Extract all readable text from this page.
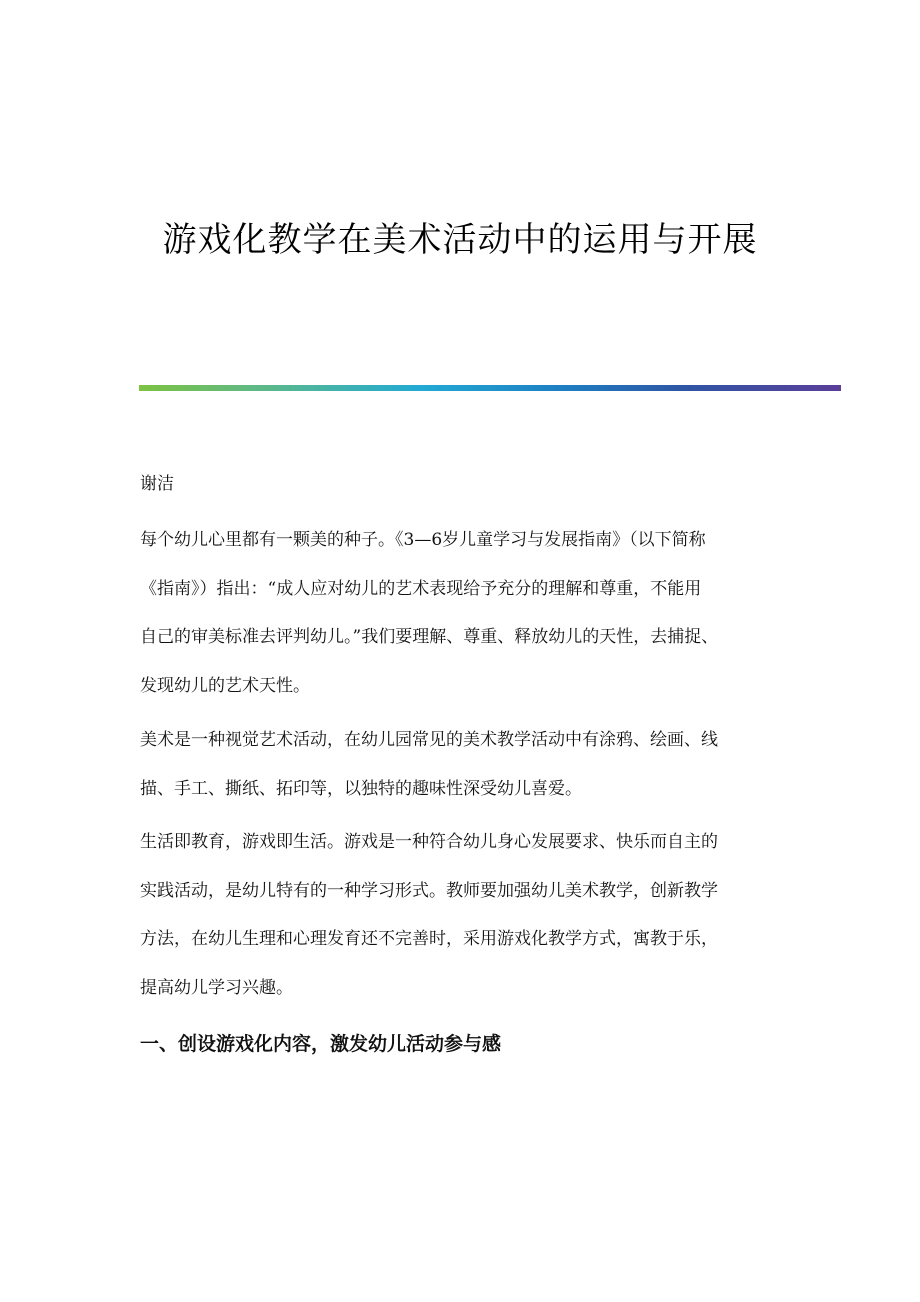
游戏化教学在美术活动中的运用与开展
谢洁
每个幼儿心里都有一颗美的种子。《3—6岁儿童学习与发展指南》（以下简称
《指南》）指出：“成人应对幼儿的艺术表现给予充分的理解和尊重，不能用
自己的审美标准去评判幼儿。”我们要理解、尊重、释放幼儿的天性，去捕捉、
发现幼儿的艺术天性。
美术是一种视觉艺术活动，在幼儿园常见的美术教学活动中有涂鸦、绘画、线
描、手工、撕纸、拓印等，以独特的趣味性深受幼儿喜爱。
生活即教育，游戏即生活。游戏是一种符合幼儿身心发展要求、快乐而自主的
实践活动，是幼儿特有的一种学习形式。教师要加强幼儿美术教学，创新教学
方法，在幼儿生理和心理发育还不完善时，采用游戏化教学方式，寓教于乐，
提高幼儿学习兴趣。
一、创设游戏化内容，激发幼儿活动参与感
